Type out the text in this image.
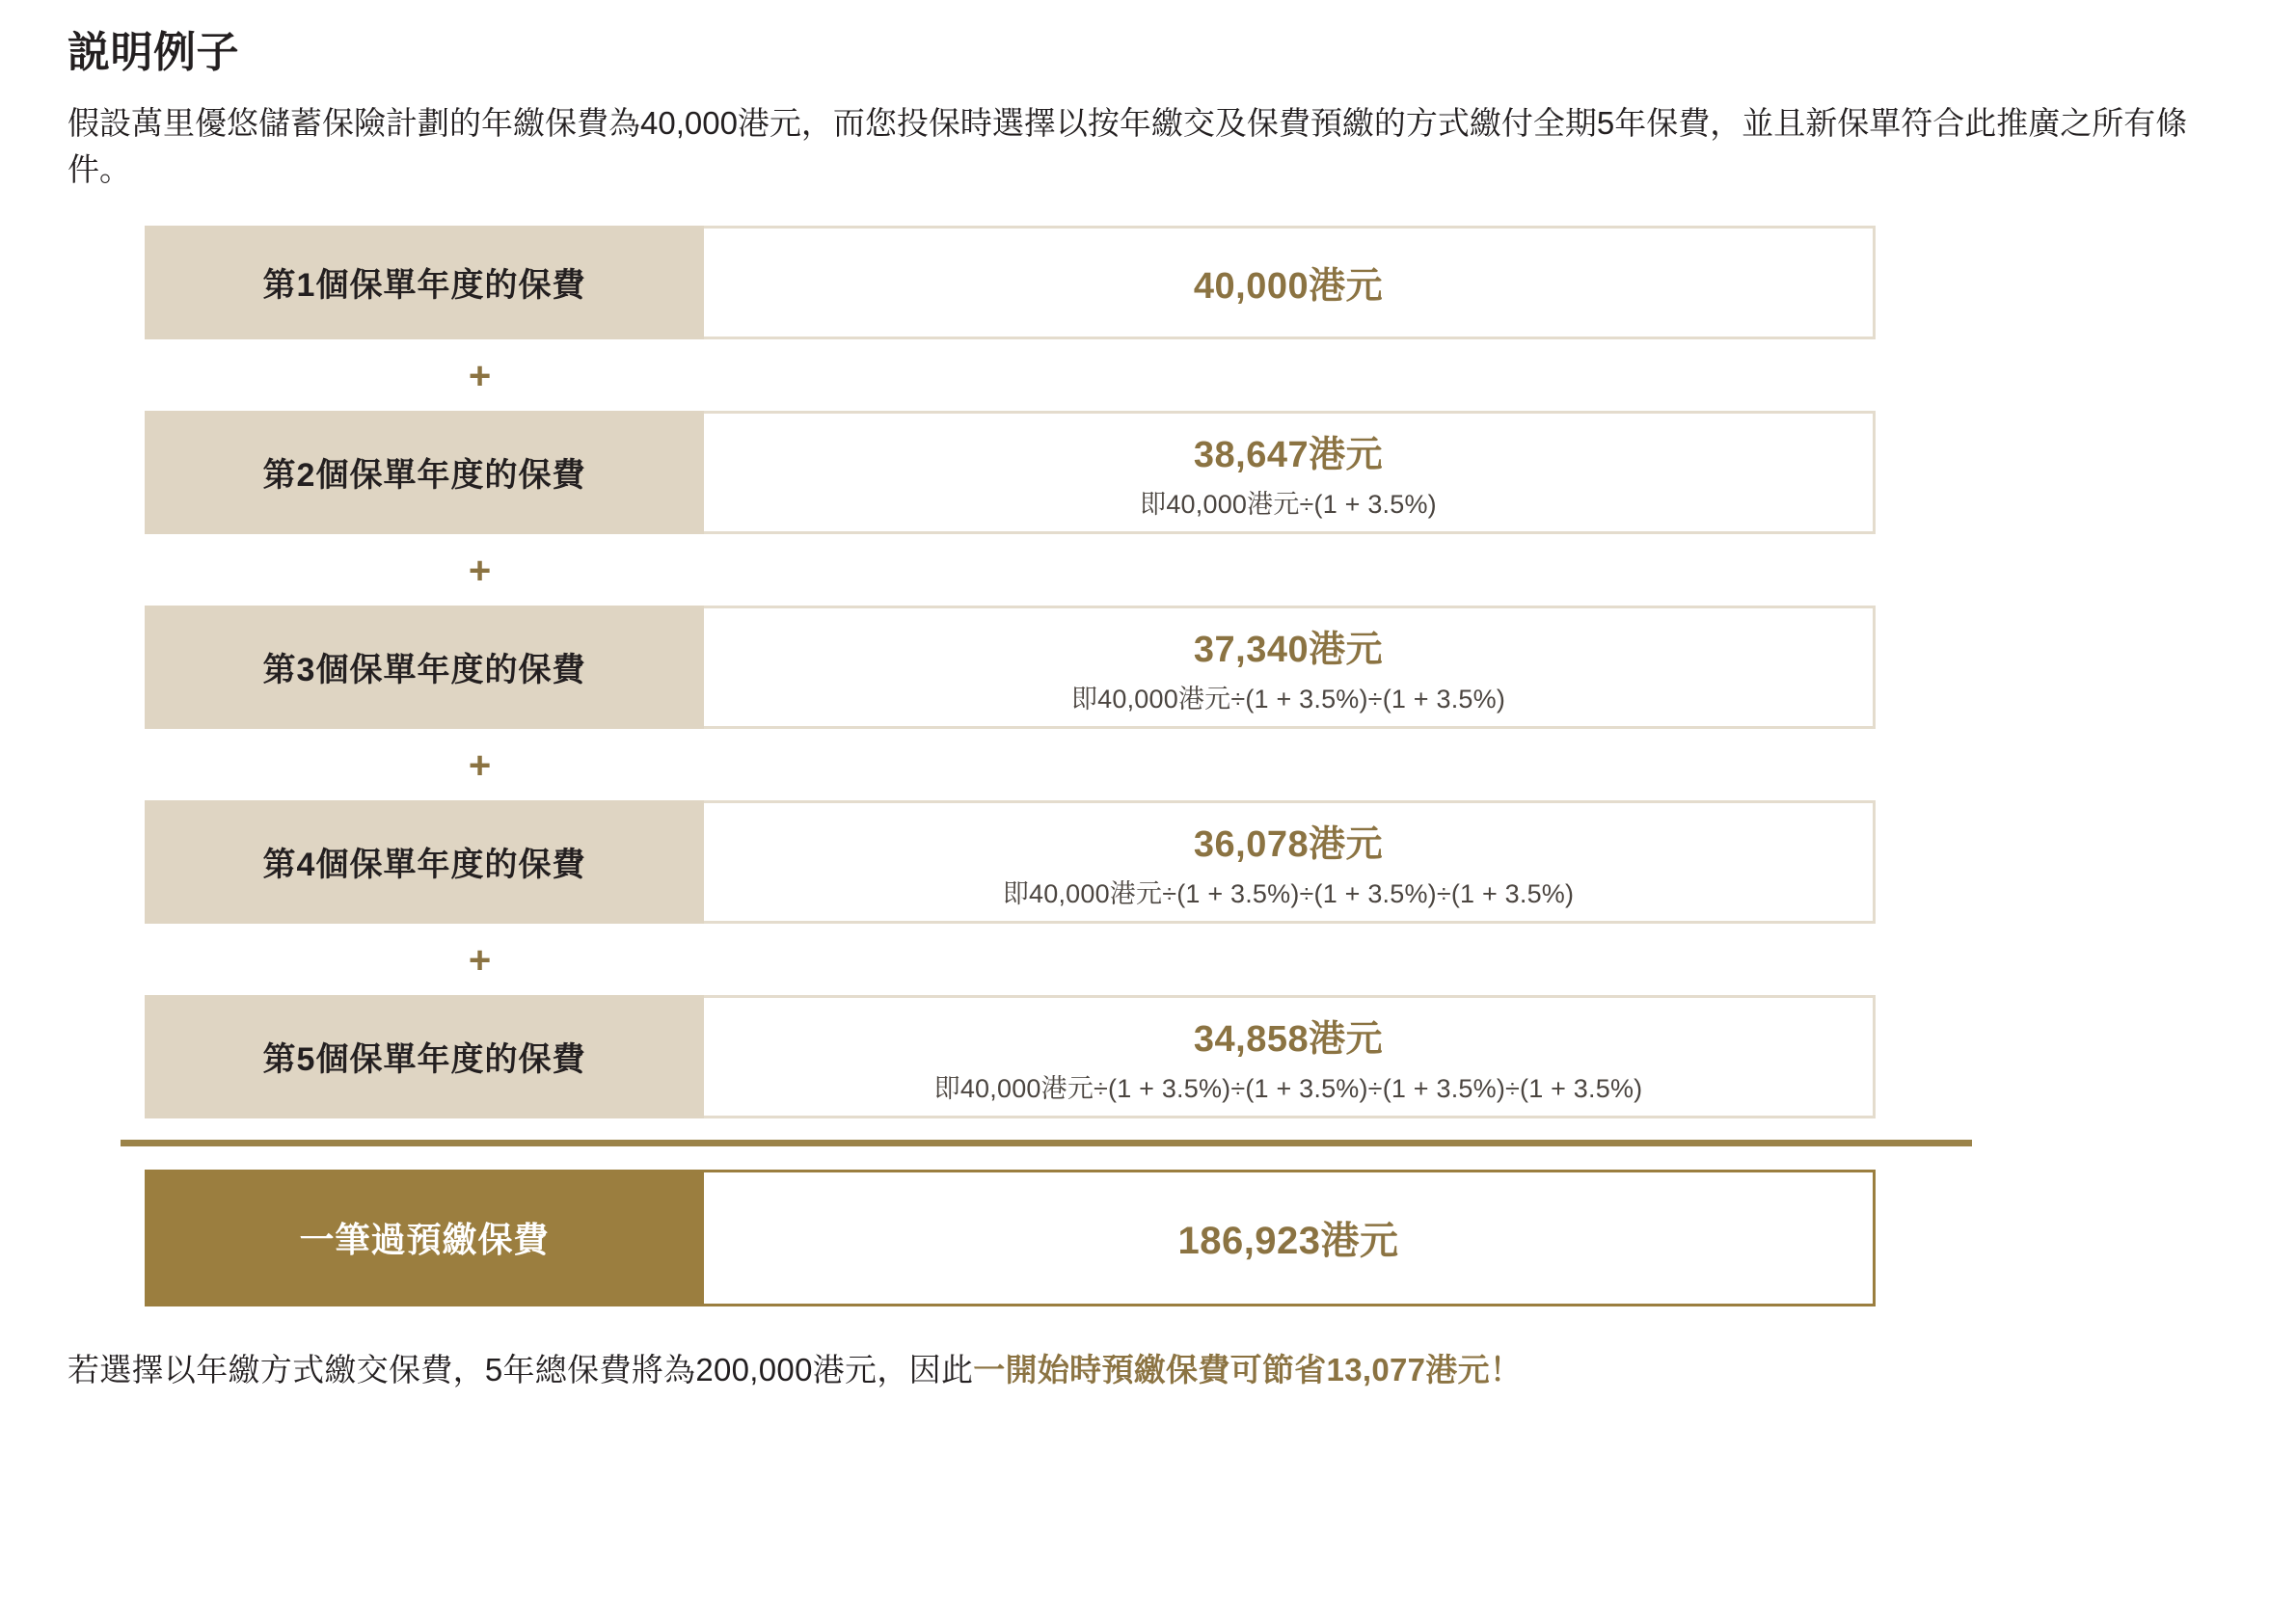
説明例子

假設萬里優悠儲蓄保險計劃的年繳保費為40,000港元，而您投保時選擇以按年繳交及保費預繳的方式繳付全期5年保費，並且新保單符合此推廣之所有條件。

第1個保單年度的保費	40,000港元
+
第2個保單年度的保費
38,647港元
即40,000港元÷(1 + 3.5%)
+
第3個保單年度的保費
37,340港元
即40,000港元÷(1 + 3.5%)÷(1 + 3.5%)
+
第4個保單年度的保費
36,078港元
即40,000港元÷(1 + 3.5%)÷(1 + 3.5%)÷(1 + 3.5%)
+
第5個保單年度的保費
34,858港元
即40,000港元÷(1 + 3.5%)÷(1 + 3.5%)÷(1 + 3.5%)÷(1 + 3.5%)
一筆過預繳保費	186,923港元

若選擇以年繳方式繳交保費，5年總保費將為200,000港元，因此一開始時預繳保費可節省13,077港元！
